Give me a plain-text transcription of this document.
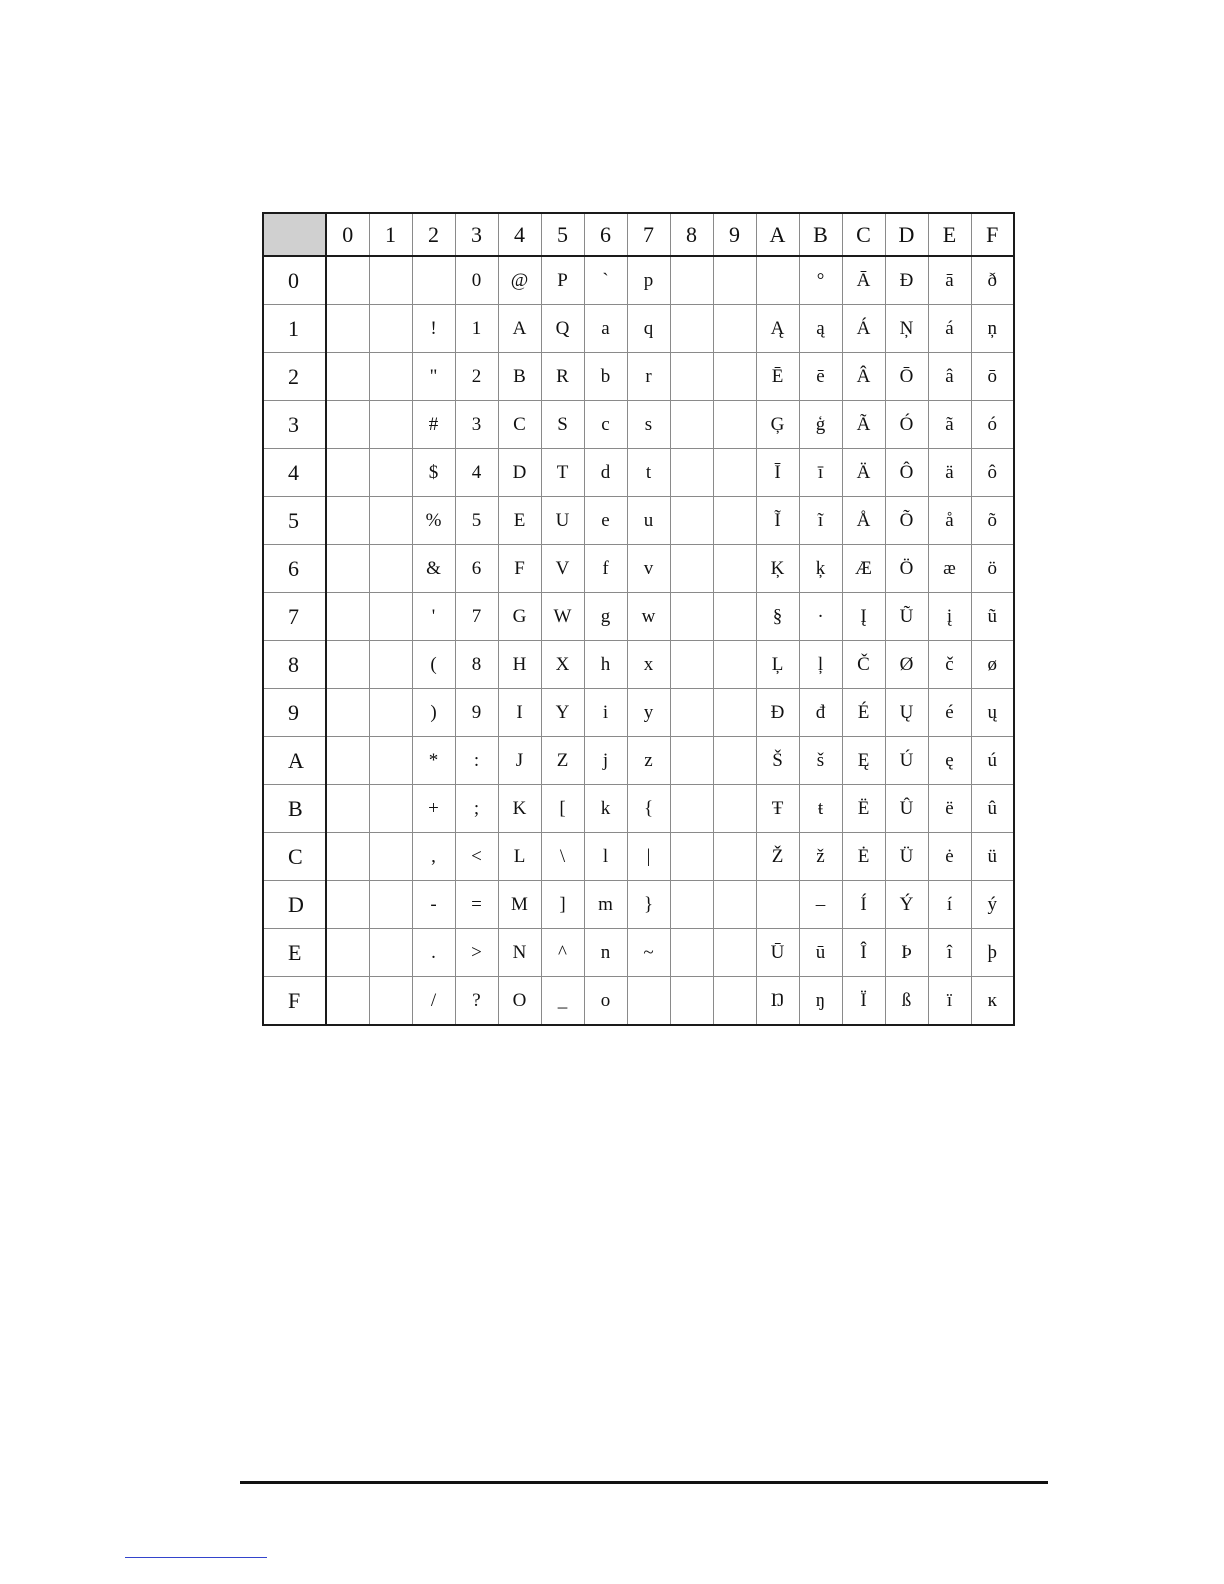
	0	1	2	3	4	5	6	7	8	9	A	B	C	D	E	F
0				0	@	P	`	p				°	Ā	Đ	ā	ð
1			!	1	A	Q	a	q			Ą	ą	Á	Ņ	á	ņ
2			"	2	B	R	b	r			Ē	ē	Â	Ō	â	ō
3			#	3	C	S	c	s			Ģ	ģ	Ã	Ó	ã	ó
4			$	4	D	T	d	t			Ī	ī	Ä	Ô	ä	ô
5			%	5	E	U	e	u			Ĩ	ĩ	Å	Õ	å	õ
6			&	6	F	V	f	v			Ķ	ķ	Æ	Ö	æ	ö
7			'	7	G	W	g	w			§	·	Į	Ũ	į	ũ
8			(	8	H	X	h	x			Ļ	ļ	Č	Ø	č	ø
9			)	9	I	Y	i	y			Đ	đ	É	Ų	é	ų
A			*	:	J	Z	j	z			Š	š	Ę	Ú	ę	ú
B			+	;	K	[	k	{			Ŧ	ŧ	Ë	Û	ë	û
C			,	<	L	\	l	|			Ž	ž	Ė	Ü	ė	ü
D			-	=	M	]	m	}				–	Í	Ý	í	ý
E			.	>	N	^	n	~			Ū	ū	Î	Þ	î	þ
F			/	?	O	_	o				Ŋ	ŋ	Ï	ß	ï	ĸ
